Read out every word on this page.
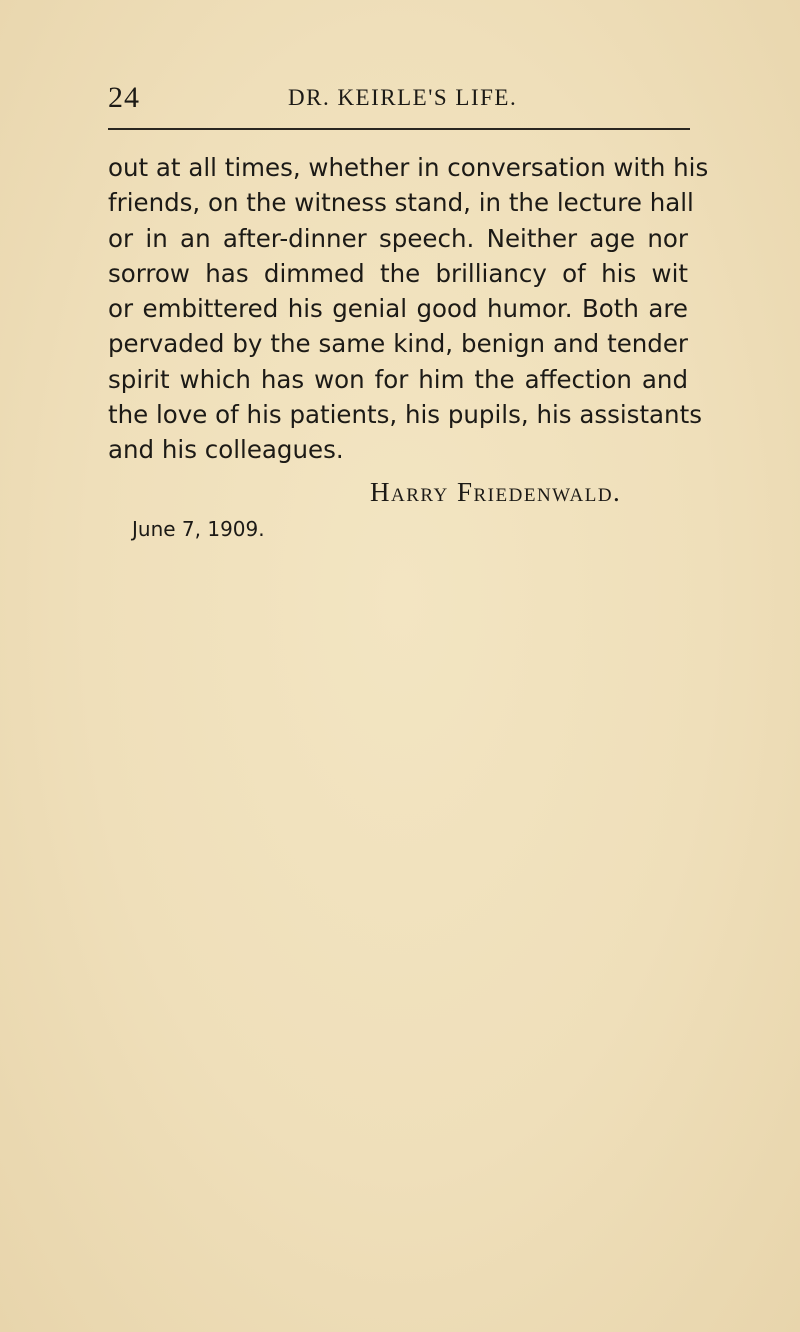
24	DR. KEIRLE'S LIFE.
out at all times, whether in conversation with his
friends, on the witness stand, in the lecture hall
or in an after-dinner speech. Neither age nor
sorrow has dimmed the brilliancy of his wit
or embittered his genial good humor. Both are
pervaded by the same kind, benign and tender
spirit which has won for him the affection and
the love of his patients, his pupils, his assistants
and his colleagues.
Harry Friedenwald.
June 7, 1909.
